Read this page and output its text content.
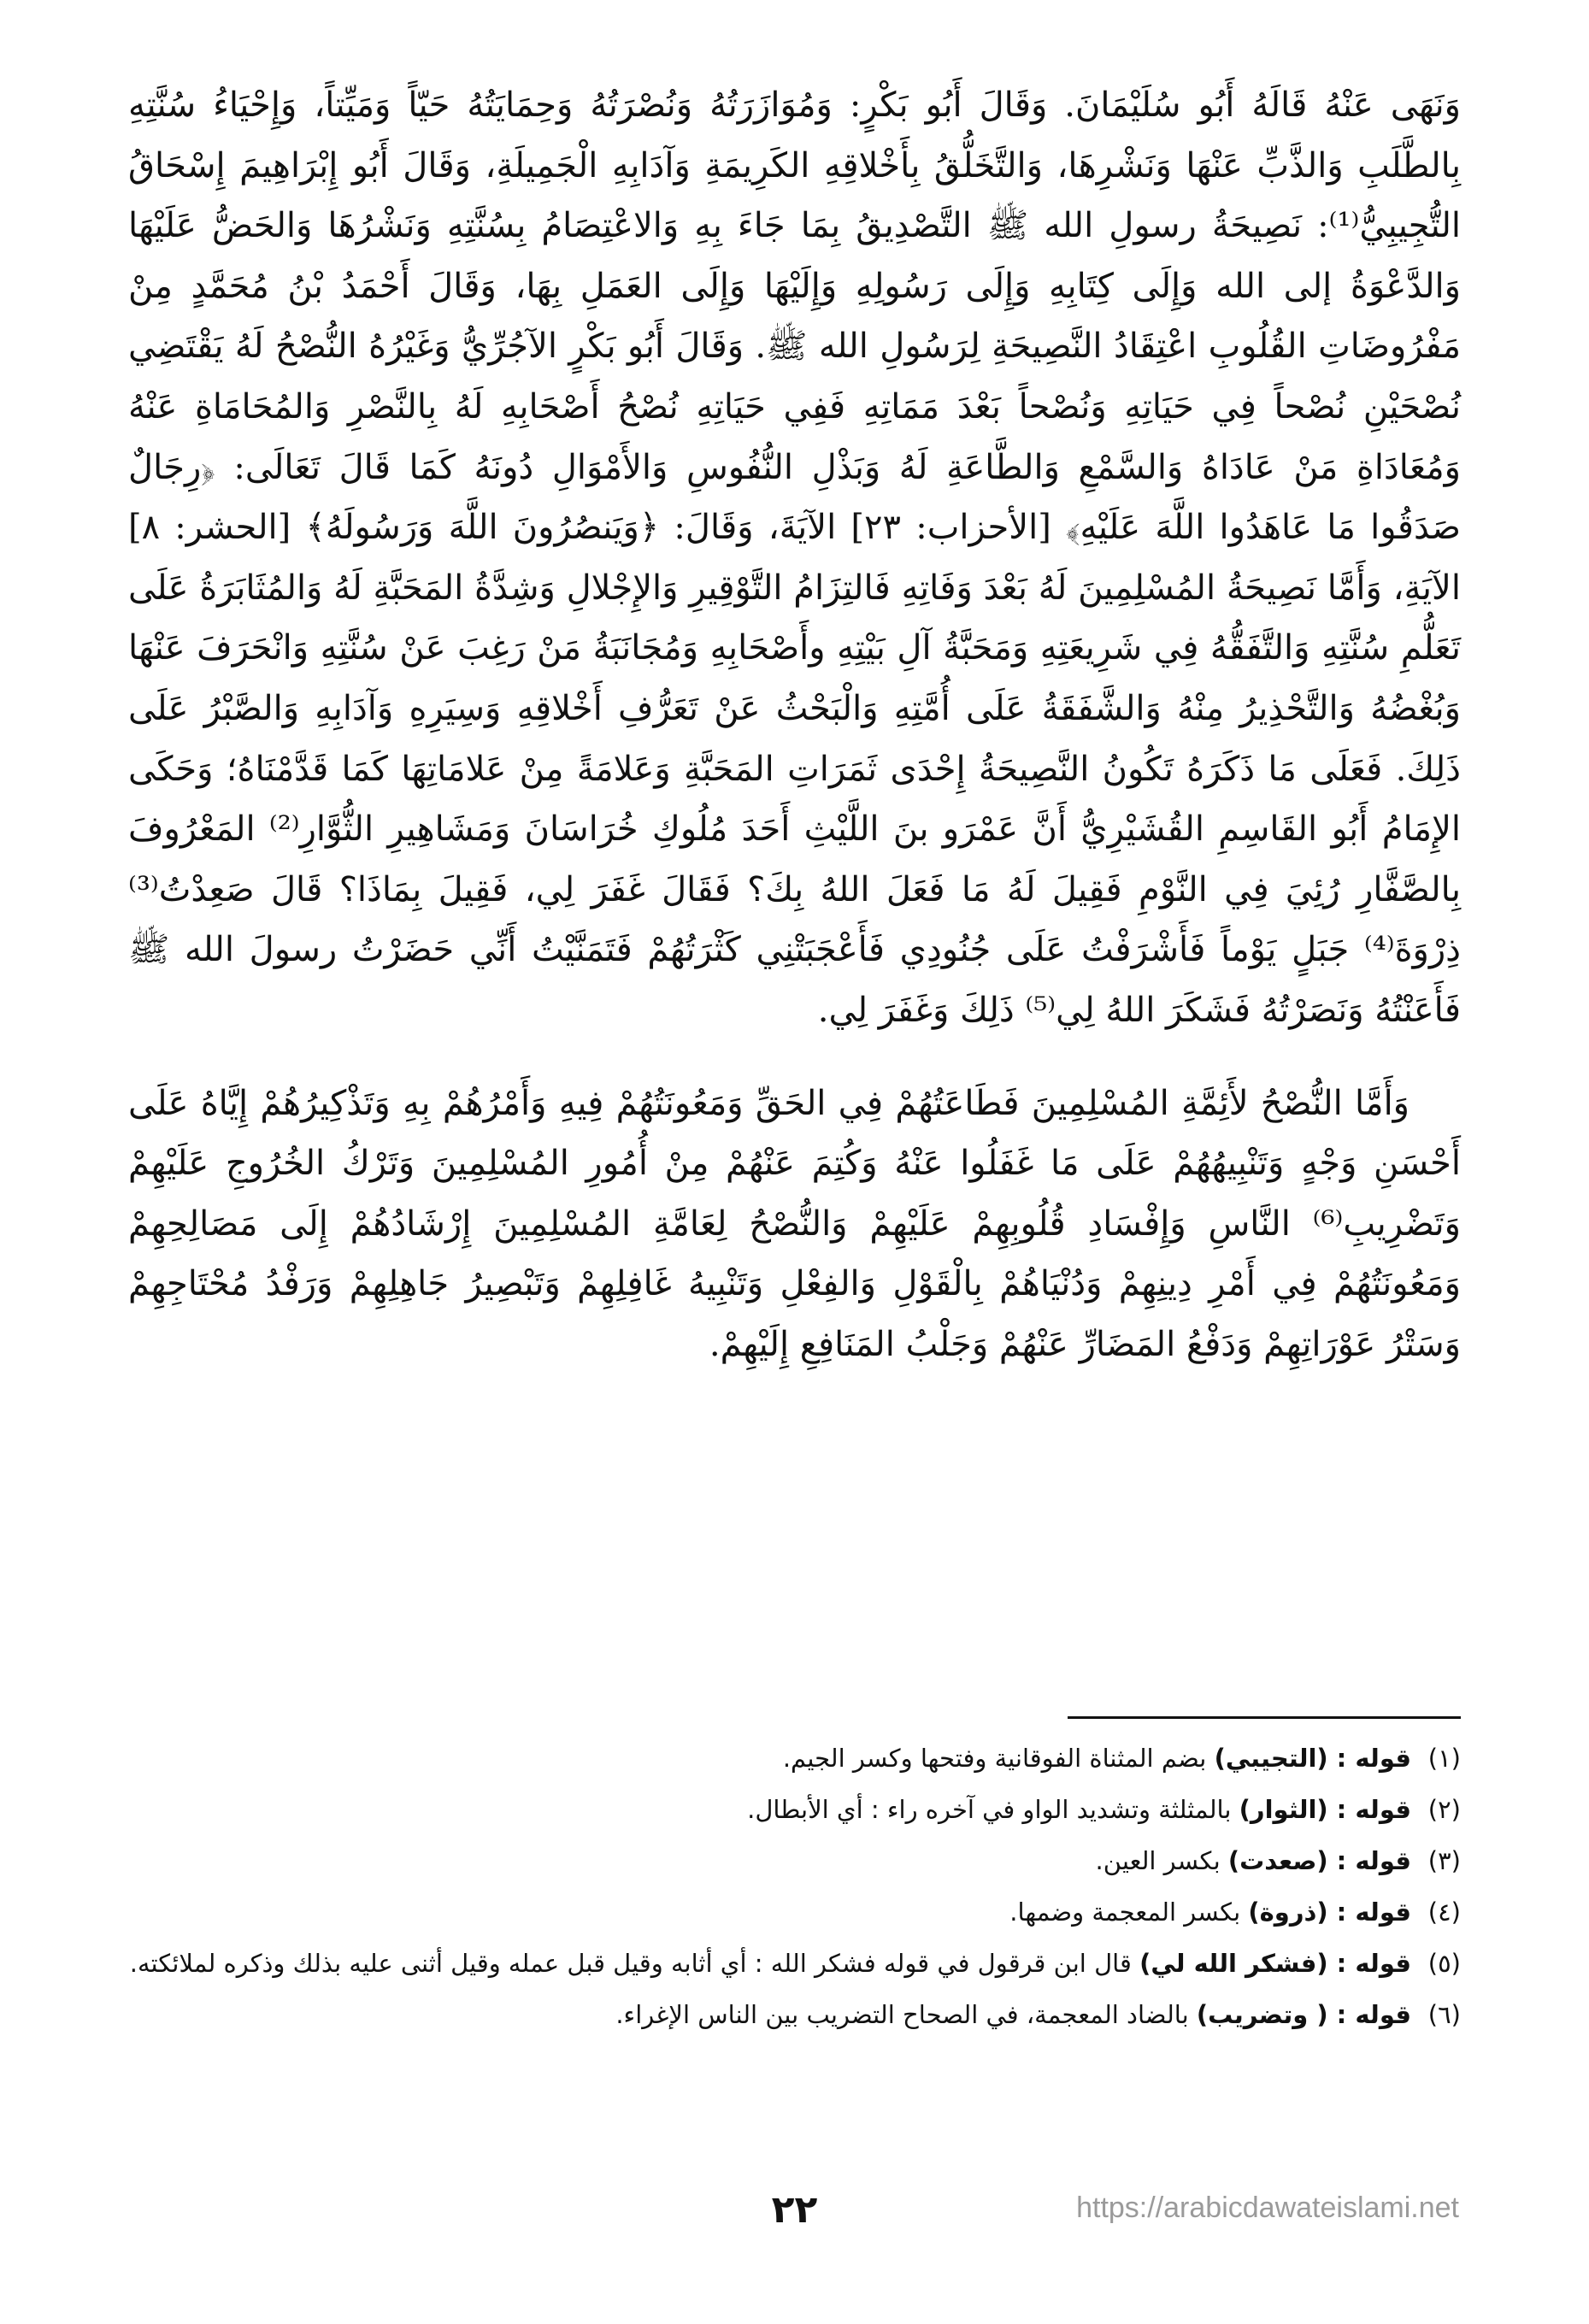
وَنَهَى عَنْهُ قَالَهُ أَبُو سُلَيْمَانَ. وَقَالَ أَبُو بَكْرٍ: وَمُوَازَرَتُهُ وَنُصْرَتُهُ وَحِمَايَتُهُ حَيّاً وَمَيِّتاً، وَإِحْيَاءُ سُنَّتِهِ بِالطَّلَبِ وَالذَّبِّ عَنْهَا وَنَشْرِهَا، وَالتَّخَلُّقُ بِأَخْلاقِهِ الكَرِيمَةِ وَآدَابِهِ الْجَمِيلَةِ، وَقَالَ أَبُو إِبْرَاهِيمَ إِسْحَاقُ التُّجِيبِيُّ⁽¹⁾: نَصِيحَةُ رسولِ الله ﷺ التَّصْدِيقُ بِمَا جَاءَ بِهِ وَالاعْتِصَامُ بِسُنَّتِهِ وَنَشْرُهَا وَالحَضُّ عَلَيْهَا وَالدَّعْوَةُ إلى الله وَإِلَى كِتَابِهِ وَإِلَى رَسُولِهِ وَإِلَيْهَا وَإِلَى العَمَلِ بِهَا، وَقَالَ أَحْمَدُ بْنُ مُحَمَّدٍ مِنْ مَفْرُوضَاتِ القُلُوبِ اعْتِقَادُ النَّصِيحَةِ لِرَسُولِ الله ﷺ. وَقَالَ أَبُو بَكْرٍ الآجُرِّيُّ وَغَيْرُهُ النُّصْحُ لَهُ يَقْتَضِي نُصْحَيْنِ نُصْحاً فِي حَيَاتِهِ وَنُصْحاً بَعْدَ مَمَاتِهِ فَفِي حَيَاتِهِ نُصْحُ أَصْحَابِهِ لَهُ بِالنَّصْرِ وَالمُحَامَاةِ عَنْهُ وَمُعَادَاةِ مَنْ عَادَاهُ وَالسَّمْعِ وَالطَّاعَةِ لَهُ وَبَذْلِ النُّفُوسِ وَالأَمْوَالِ دُونَهُ كَمَا قَالَ تَعَالَى: ﴿رِجَالٌ صَدَقُوا مَا عَاهَدُوا اللَّهَ عَلَيْهِ﴾ [الأحزاب: ٢٣] الآيَةَ، وَقَالَ: ﴿وَيَنصُرُونَ اللَّهَ وَرَسُولَهُ﴾ [الحشر: ٨] الآيَةِ، وَأَمَّا نَصِيحَةُ المُسْلِمِينَ لَهُ بَعْدَ وَفَاتِهِ فَالتِزَامُ التَّوْقِيرِ وَالإِجْلالِ وَشِدَّةُ المَحَبَّةِ لَهُ وَالمُثَابَرَةُ عَلَى تَعَلُّمِ سُنَّتِهِ وَالتَّفَقُّهُ فِي شَرِيعَتِهِ وَمَحَبَّةُ آلِ بَيْتِهِ وأَصْحَابِهِ وَمُجَانَبَةُ مَنْ رَغِبَ عَنْ سُنَّتِهِ وَانْحَرَفَ عَنْهَا وَبُغْضُهُ وَالتَّحْذِيرُ مِنْهُ وَالشَّفَقَةُ عَلَى أُمَّتِهِ وَالْبَحْثُ عَنْ تَعَرُّفِ أَخْلاقِهِ وَسِيَرِهِ وَآدَابِهِ وَالصَّبْرُ عَلَى ذَلِكَ. فَعَلَى مَا ذَكَرَهُ تَكُونُ النَّصِيحَةُ إِحْدَى ثَمَرَاتِ المَحَبَّةِ وَعَلامَةً مِنْ عَلامَاتِهَا كَمَا قَدَّمْنَاهُ؛ وَحَكَى الإِمَامُ أَبُو القَاسِمِ القُشَيْرِيُّ أَنَّ عَمْرَو بنَ اللَّيْثِ أَحَدَ مُلُوكِ خُرَاسَانَ وَمَشَاهِيرِ الثُّوَّارِ⁽²⁾ المَعْرُوفَ بِالصَّفَّارِ رُئِيَ فِي النَّوْمِ فَقِيلَ لَهُ مَا فَعَلَ اللهُ بِكَ؟ فَقَالَ غَفَرَ لِي، فَقِيلَ بِمَاذَا؟ قَالَ صَعِدْتُ⁽³⁾ ذِرْوَةَ⁽⁴⁾ جَبَلٍ يَوْماً فَأَشْرَفْتُ عَلَى جُنُودِي فَأَعْجَبَتْنِي كَثْرَتُهُمْ فَتَمَنَّيْتُ أَنِّي حَضَرْتُ رسولَ الله ﷺ فَأَعَنْتُهُ وَنَصَرْتُهُ فَشَكَرَ اللهُ لِي⁽⁵⁾ ذَلِكَ وَغَفَرَ لِي.

وَأَمَّا النُّصْحُ لأَئِمَّةِ المُسْلِمِينَ فَطَاعَتُهُمْ فِي الحَقِّ وَمَعُونَتُهُمْ فِيهِ وَأَمْرُهُمْ بِهِ وَتَذْكِيرُهُمْ إِيَّاهُ عَلَى أَحْسَنِ وَجْهٍ وَتَنْبِيهُهُمْ عَلَى مَا غَفَلُوا عَنْهُ وَكُتِمَ عَنْهُمْ مِنْ أُمُورِ المُسْلِمِينَ وَتَرْكُ الخُرُوجِ عَلَيْهِمْ وَتَضْرِيبِ⁽⁶⁾ النَّاسِ وَإِفْسَادِ قُلُوبِهِمْ عَلَيْهِمْ وَالنُّصْحُ لِعَامَّةِ المُسْلِمِينَ إِرْشَادُهُمْ إِلَى مَصَالِحِهِمْ وَمَعُونَتُهُمْ فِي أَمْرِ دِينِهِمْ وَدُنْيَاهُمْ بِالْقَوْلِ وَالفِعْلِ وَتَنْبِيهُ غَافِلِهِمْ وَتَبْصِيرُ جَاهِلِهِمْ وَرَفْدُ مُحْتَاجِهِمْ وَسَتْرُ عَوْرَاتِهِمْ وَدَفْعُ المَضَارِّ عَنْهُمْ وَجَلْبُ المَنَافِعِ إِلَيْهِمْ.

(١)
قوله :(التجيبي) بضم المثناة الفوقانية وفتحها وكسر الجيم.
(٢)
قوله :(الثوار) بالمثلثة وتشديد الواو في آخره راء : أي الأبطال.
(٣)
قوله :(صعدت) بكسر العين.
(٤)
قوله :(ذروة) بكسر المعجمة وضمها.
(٥)
قوله :(فشكر الله لي) قال ابن قرقول في قوله فشكر الله : أي أثابه وقيل قبل عمله وقيل أثنى عليه بذلك وذكره لملائكته.
(٦)
قوله :( وتضريب) بالضاد المعجمة، في الصحاح التضريب بين الناس الإغراء.
٢٢	https://arabicdawateislami.net
